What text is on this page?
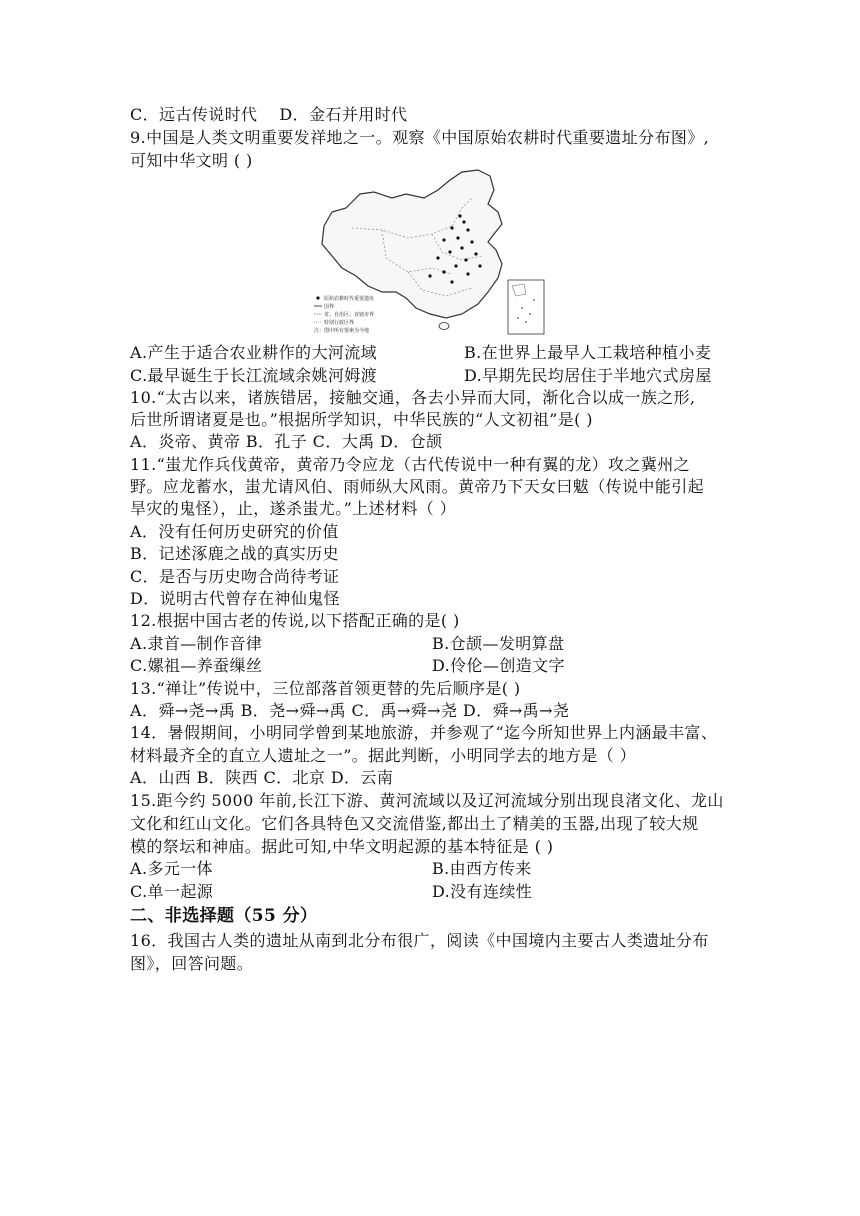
C．远古传说时代 D．金石并用时代
9.中国是人类文明重要发祥地之一。观察《中国原始农耕时代重要遗址分布图》,
可知中华文明 ( )
原始农耕时代重要遗址
国界
省、自治区、直辖市界
特别行政区界
注：图中所有要素为今地
A.产生于适合农业耕作的大河流域	B.在世界上最早人工栽培种植小麦
C.最早诞生于长江流域余姚河姆渡	D.早期先民均居住于半地穴式房屋
10.“太古以来，诸族错居，接触交通，各去小异而大同，渐化合以成一族之形,
后世所谓诸夏是也。”根据所学知识，中华民族的“人文初祖”是( )
A．炎帝、黄帝 B．孔子 C．大禹 D．仓颉
11.“蚩尤作兵伐黄帝，黄帝乃令应龙（古代传说中一种有翼的龙）攻之冀州之
野。应龙蓄水，蚩尤请风伯、雨师纵大风雨。黄帝乃下天女曰魃（传说中能引起
旱灾的鬼怪），止，遂杀蚩尤。”上述材料（ ）
A．没有任何历史研究的价值
B．记述涿鹿之战的真实历史
C．是否与历史吻合尚待考证
D．说明古代曾存在神仙鬼怪
12.根据中国古老的传说,以下搭配正确的是( )
A.隶首—制作音律	B.仓颉—发明算盘
C.嫘祖—养蚕缫丝	D.伶伦—创造文字
13.“禅让”传说中，三位部落首领更替的先后顺序是( )
A．舜→尧→禹 B．尧→舜→禹 C．禹→舜→尧 D．舜→禹→尧
14．暑假期间，小明同学曾到某地旅游，并参观了“迄今所知世界上内涵最丰富、
材料最齐全的直立人遗址之一”。据此判断，小明同学去的地方是（ ）
A．山西 B．陕西 C．北京 D．云南
15.距今约 5000 年前,长江下游、黄河流域以及辽河流域分别出现良渚文化、龙山
文化和红山文化。它们各具特色又交流借鉴,都出土了精美的玉器,出现了较大规
模的祭坛和神庙。据此可知,中华文明起源的基本特征是 ( )
A.多元一体	B.由西方传来
C.单一起源	D.没有连续性
二、非选择题（55 分）
16．我国古人类的遗址从南到北分布很广，阅读《中国境内主要古人类遗址分布
图》，回答问题。
